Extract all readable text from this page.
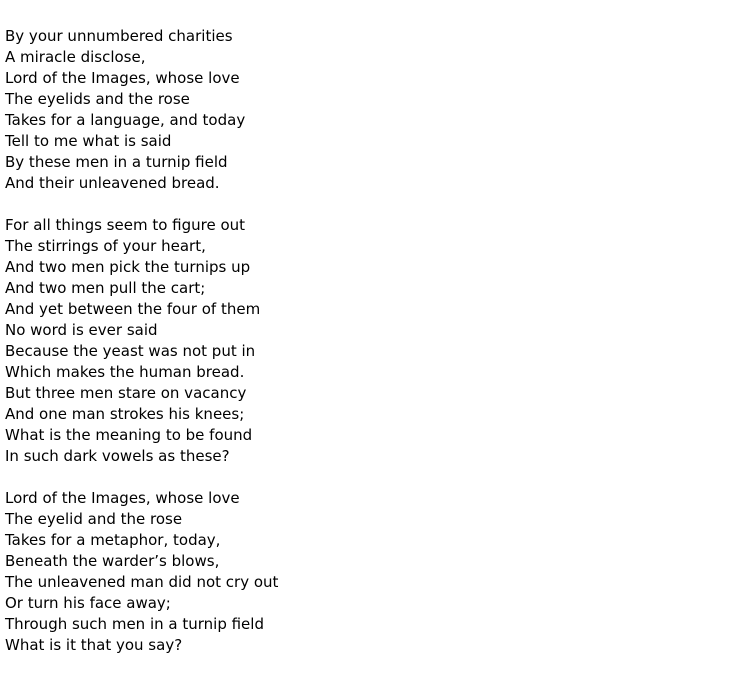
By your unnumbered charities
A miracle disclose,
Lord of the Images, whose love
The eyelids and the rose
Takes for a language, and today
Tell to me what is said
By these men in a turnip field
And their unleavened bread.
For all things seem to figure out
The stirrings of your heart,
And two men pick the turnips up
And two men pull the cart;
And yet between the four of them
No word is ever said
Because the yeast was not put in
Which makes the human bread.
But three men stare on vacancy
And one man strokes his knees;
What is the meaning to be found
In such dark vowels as these?
Lord of the Images, whose love
The eyelid and the rose
Takes for a metaphor, today,
Beneath the warder’s blows,
The unleavened man did not cry out
Or turn his face away;
Through such men in a turnip field
What is it that you say?
